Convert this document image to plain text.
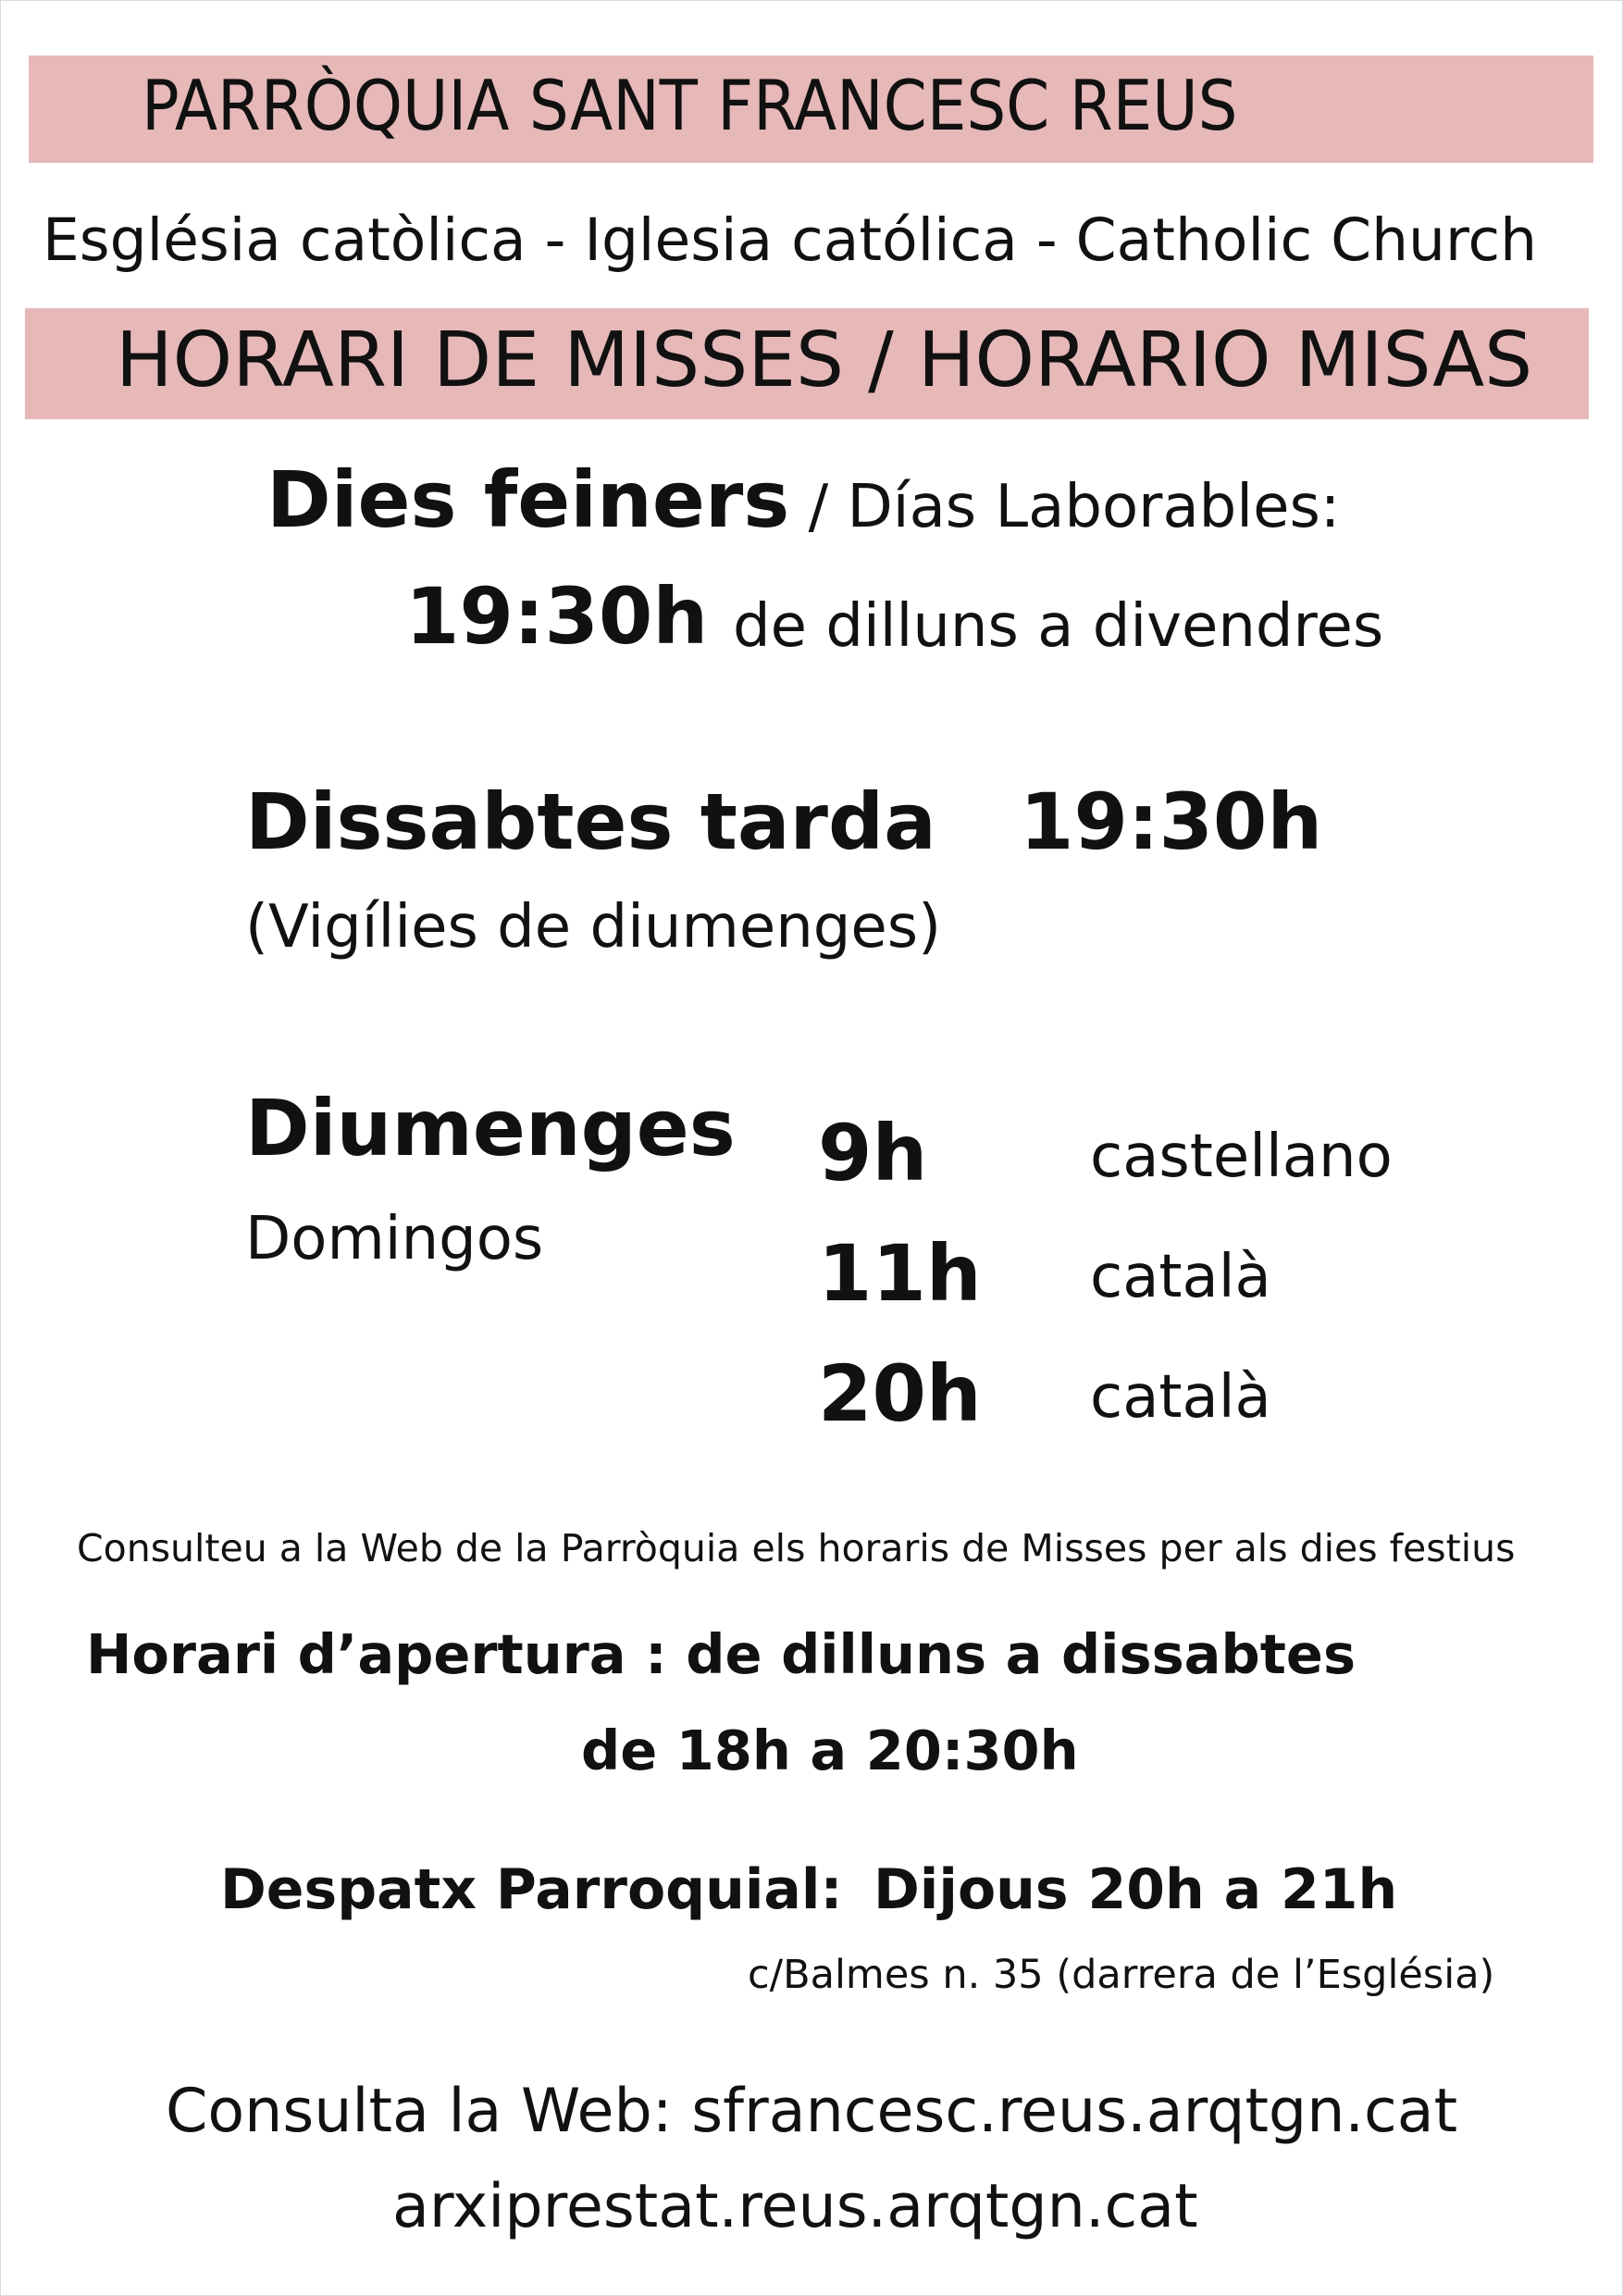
PARRÒQUIA SANT FRANCESC REUS
Església catòlica - Iglesia católica - Catholic Church
HORARI DE MISSES / HORARIO MISAS
Dies feiners / Días Laborables:
19:30h de dilluns a divendres
Dissabtes tarda 19:30h
(Vigílies de diumenges)
Diumenges
Domingos
9h	castellano
11h català
20h català
Consulteu a la Web de la Parròquia els horaris de Misses per als dies festius
Horari d’apertura : de dilluns a dissabtes
de 18h a 20:30h
Despatx Parroquial: Dijous 20h a 21h
c/Balmes n. 35 (darrera de l’Església)
Consulta la Web: sfrancesc.reus.arqtgn.cat
arxiprestat.reus.arqtgn.cat
